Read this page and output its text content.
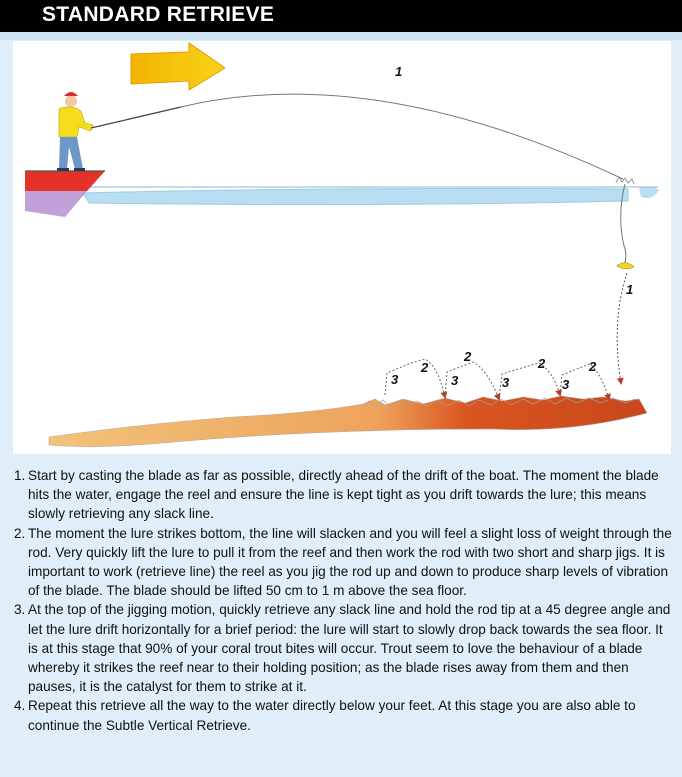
STANDARD RETRIEVE
1
1
2
2	2	2
3	3	3	3
1. Start by casting the blade as far as possible, directly ahead of the drift of the boat. The moment the blade hits the water, engage the reel and ensure the line is kept tight as you drift towards the lure; this means slowly retrieving any slack line.
2. The moment the lure strikes bottom, the line will slacken and you will feel a slight loss of weight through the rod. Very quickly lift the lure to pull it from the reef and then work the rod with two short and sharp jigs. It is important to work (retrieve line) the reel as you jig the rod up and down to produce sharp levels of vibration of the blade. The blade should be lifted 50 cm to 1 m above the sea floor.
3. At the top of the jigging motion, quickly retrieve any slack line and hold the rod tip at a 45 degree angle and let the lure drift horizontally for a brief period: the lure will start to slowly drop back towards the sea floor. It is at this stage that 90% of your coral trout bites will occur. Trout seem to love the behaviour of a blade whereby it strikes the reef near to their holding position; as the blade rises away from them and then pauses, it is the catalyst for them to strike at it.
4. Repeat this retrieve all the way to the water directly below your feet. At this stage you are also able to continue the Subtle Vertical Retrieve.
